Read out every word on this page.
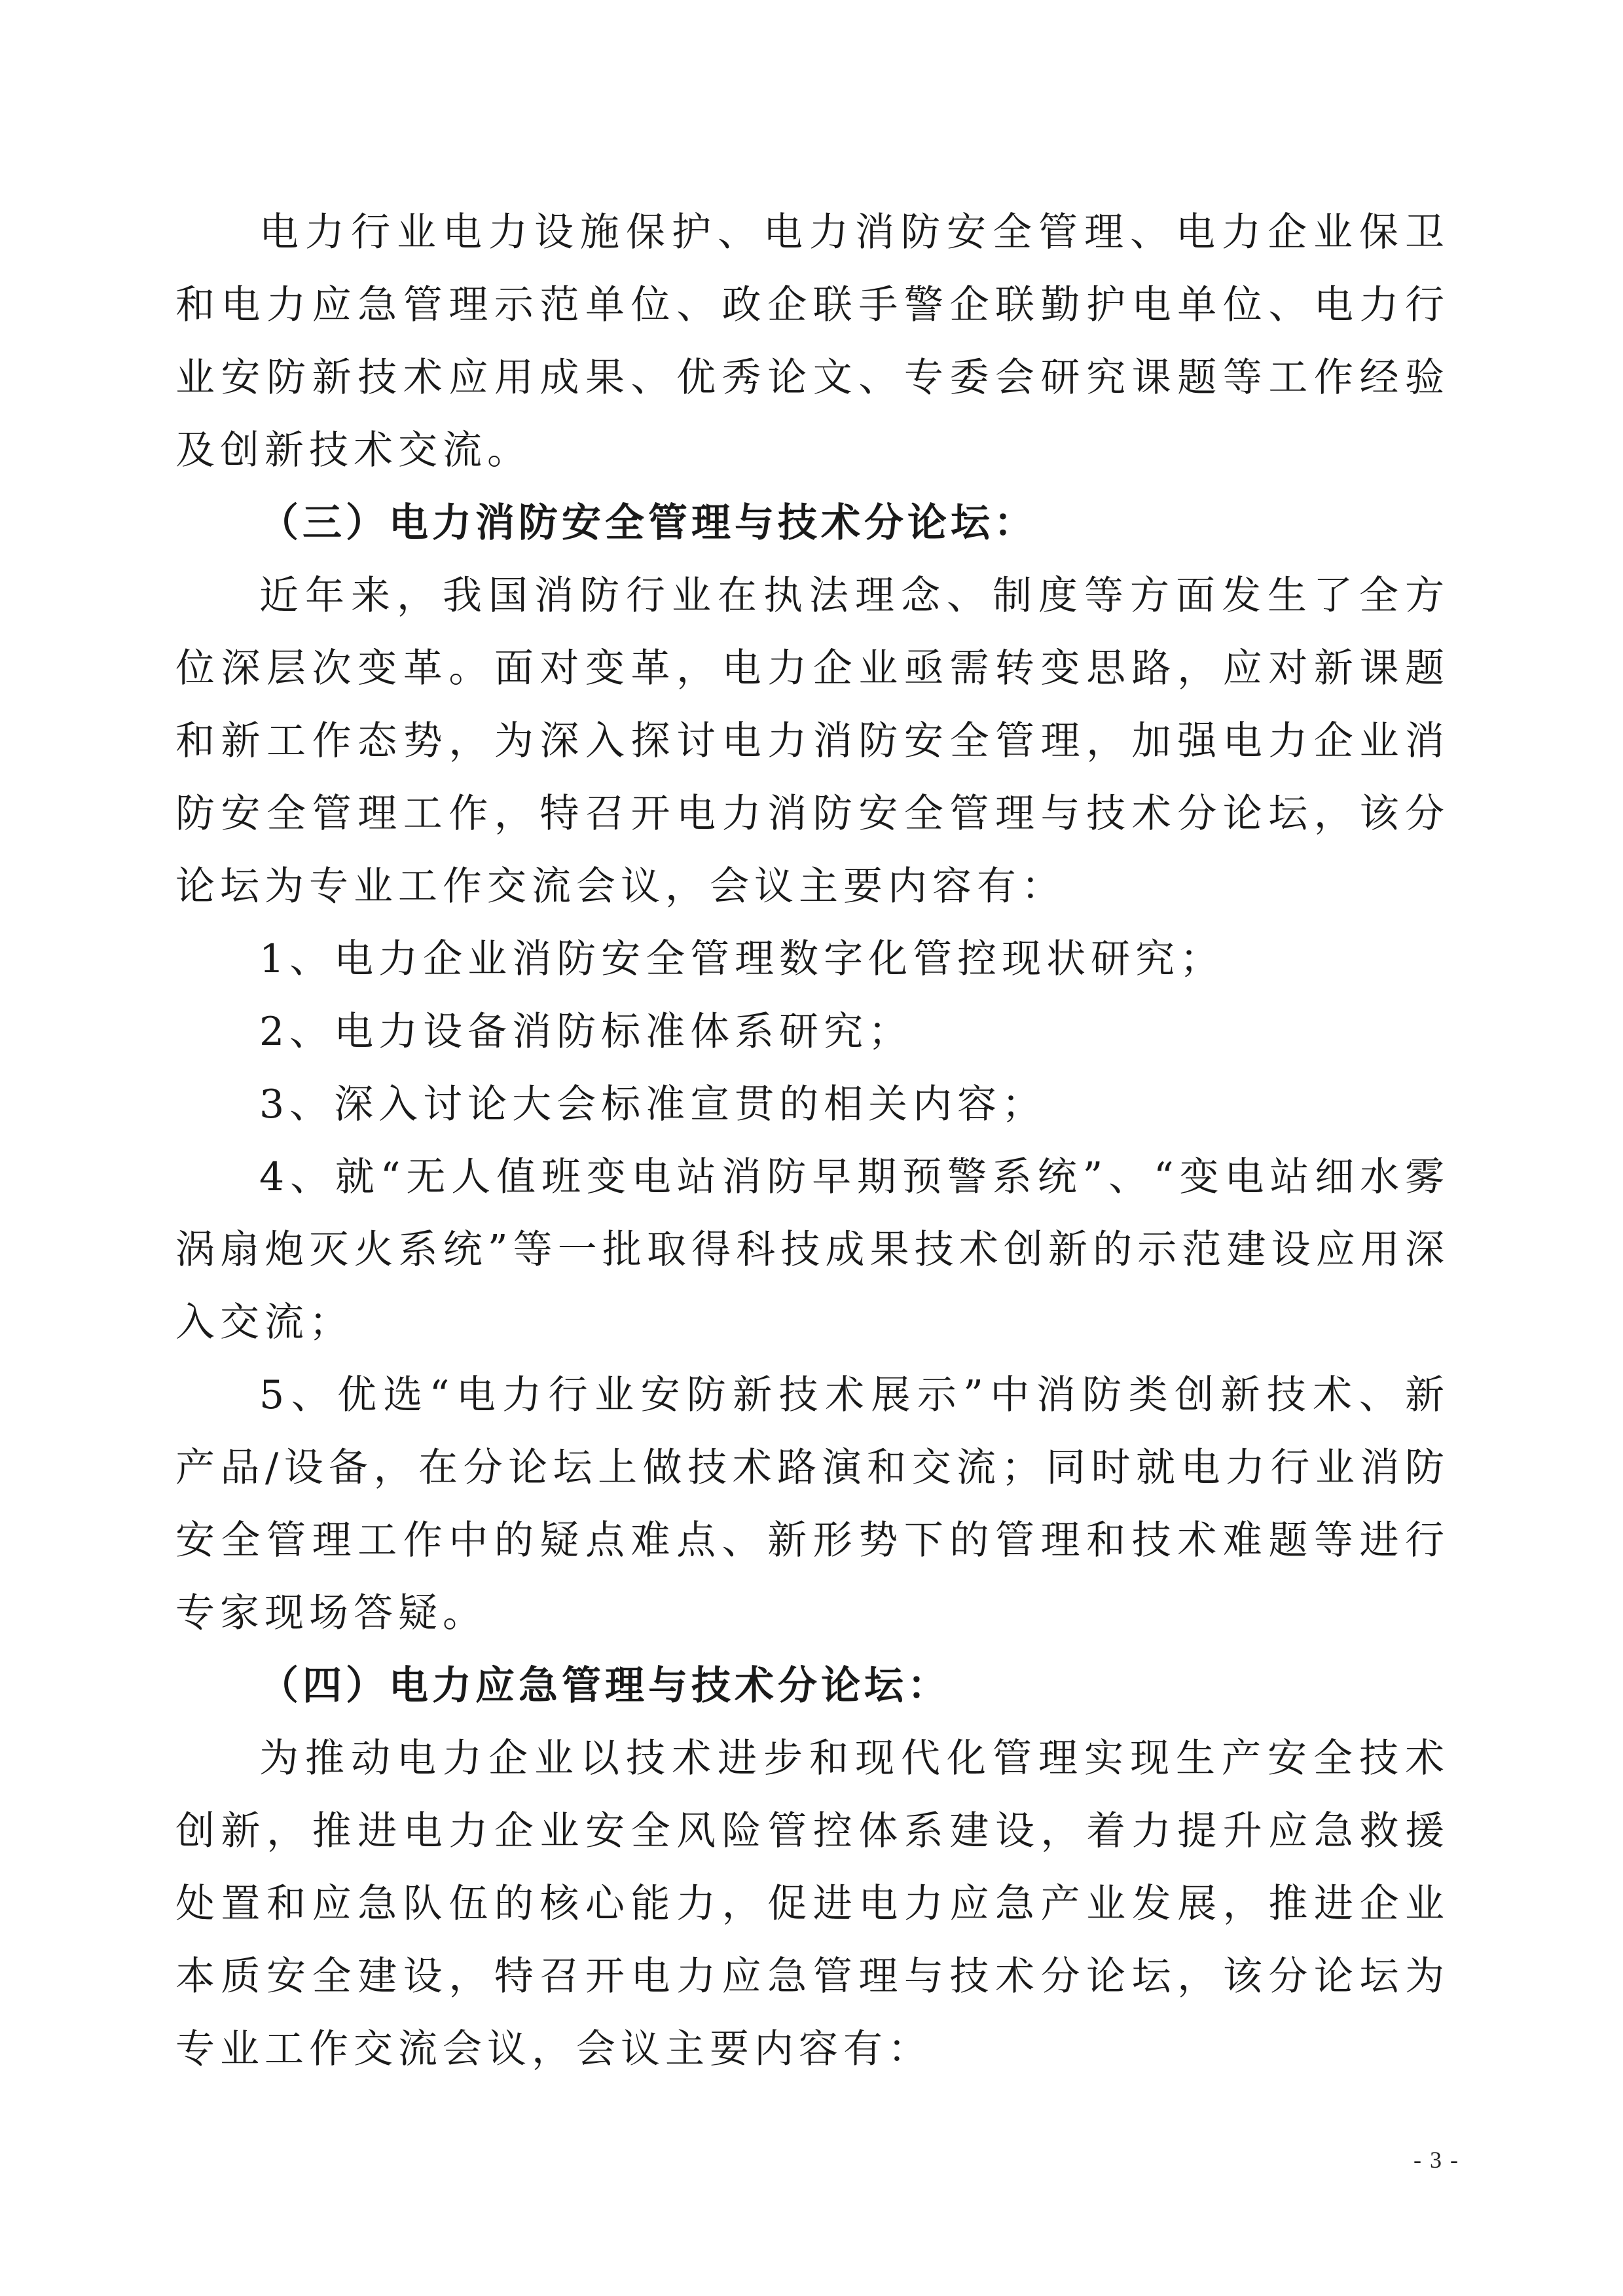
电力行业电力设施保护、电力消防安全管理、电力企业保卫和电力应急管理示范单位、政企联手警企联勤护电单位、电力行业安防新技术应用成果、优秀论文、专委会研究课题等工作经验及创新技术交流。

（三）电力消防安全管理与技术分论坛：

近年来，我国消防行业在执法理念、制度等方面发生了全方位深层次变革。面对变革，电力企业亟需转变思路，应对新课题和新工作态势，为深入探讨电力消防安全管理，加强电力企业消防安全管理工作，特召开电力消防安全管理与技术分论坛，该分论坛为专业工作交流会议，会议主要内容有：

1、电力企业消防安全管理数字化管控现状研究；

2、电力设备消防标准体系研究；

3、深入讨论大会标准宣贯的相关内容；

4、就“无人值班变电站消防早期预警系统”、“变电站细水雾涡扇炮灭火系统”等一批取得科技成果技术创新的示范建设应用深入交流；

5、优选“电力行业安防新技术展示”中消防类创新技术、新产品/设备，在分论坛上做技术路演和交流；同时就电力行业消防安全管理工作中的疑点难点、新形势下的管理和技术难题等进行专家现场答疑。

（四）电力应急管理与技术分论坛：

为推动电力企业以技术进步和现代化管理实现生产安全技术创新，推进电力企业安全风险管控体系建设，着力提升应急救援处置和应急队伍的核心能力，促进电力应急产业发展，推进企业本质安全建设，特召开电力应急管理与技术分论坛，该分论坛为专业工作交流会议，会议主要内容有：

- 3 -
